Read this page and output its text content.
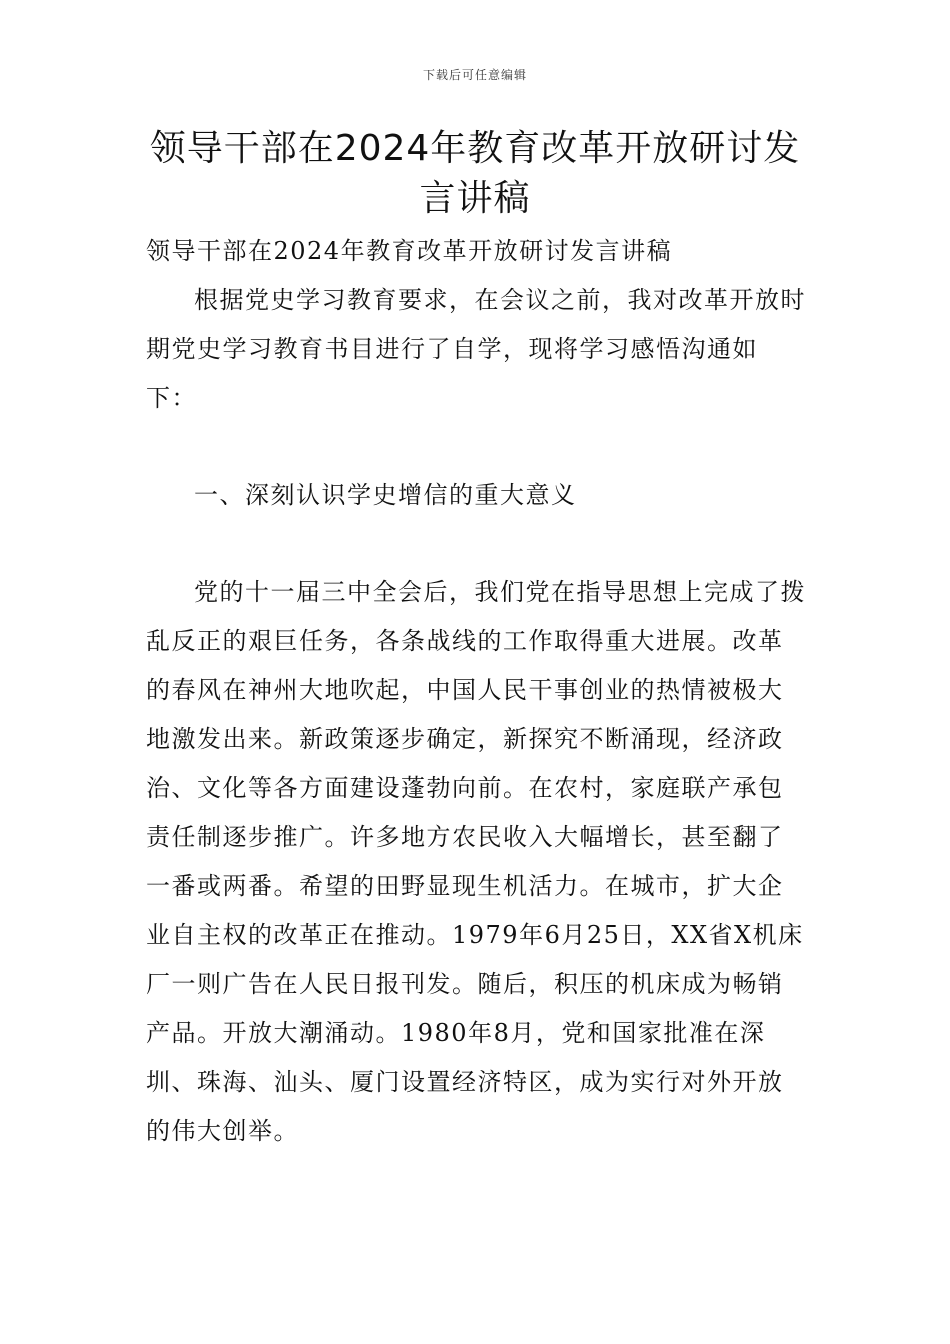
下载后可任意编辑
领导干部在2024年教育改革开放研讨发言讲稿

领导干部在2024年教育改革开放研讨发言讲稿

根据党史学习教育要求，在会议之前，我对改革开放时期党史学习教育书目进行了自学，现将学习感悟沟通如下：

一、深刻认识学史增信的重大意义

党的十一届三中全会后，我们党在指导思想上完成了拨乱反正的艰巨任务，各条战线的工作取得重大进展。改革的春风在神州大地吹起，中国人民干事创业的热情被极大地激发出来。新政策逐步确定，新探究不断涌现，经济政治、文化等各方面建设蓬勃向前。在农村，家庭联产承包责任制逐步推广。许多地方农民收入大幅增长，甚至翻了一番或两番。希望的田野显现生机活力。在城市，扩大企业自主权的改革正在推动。1979年6月25日，XX省X机床厂一则广告在人民日报刊发。随后，积压的机床成为畅销产品。开放大潮涌动。1980年8月，党和国家批准在深圳、珠海、汕头、厦门设置经济特区，成为实行对外开放的伟大创举。
